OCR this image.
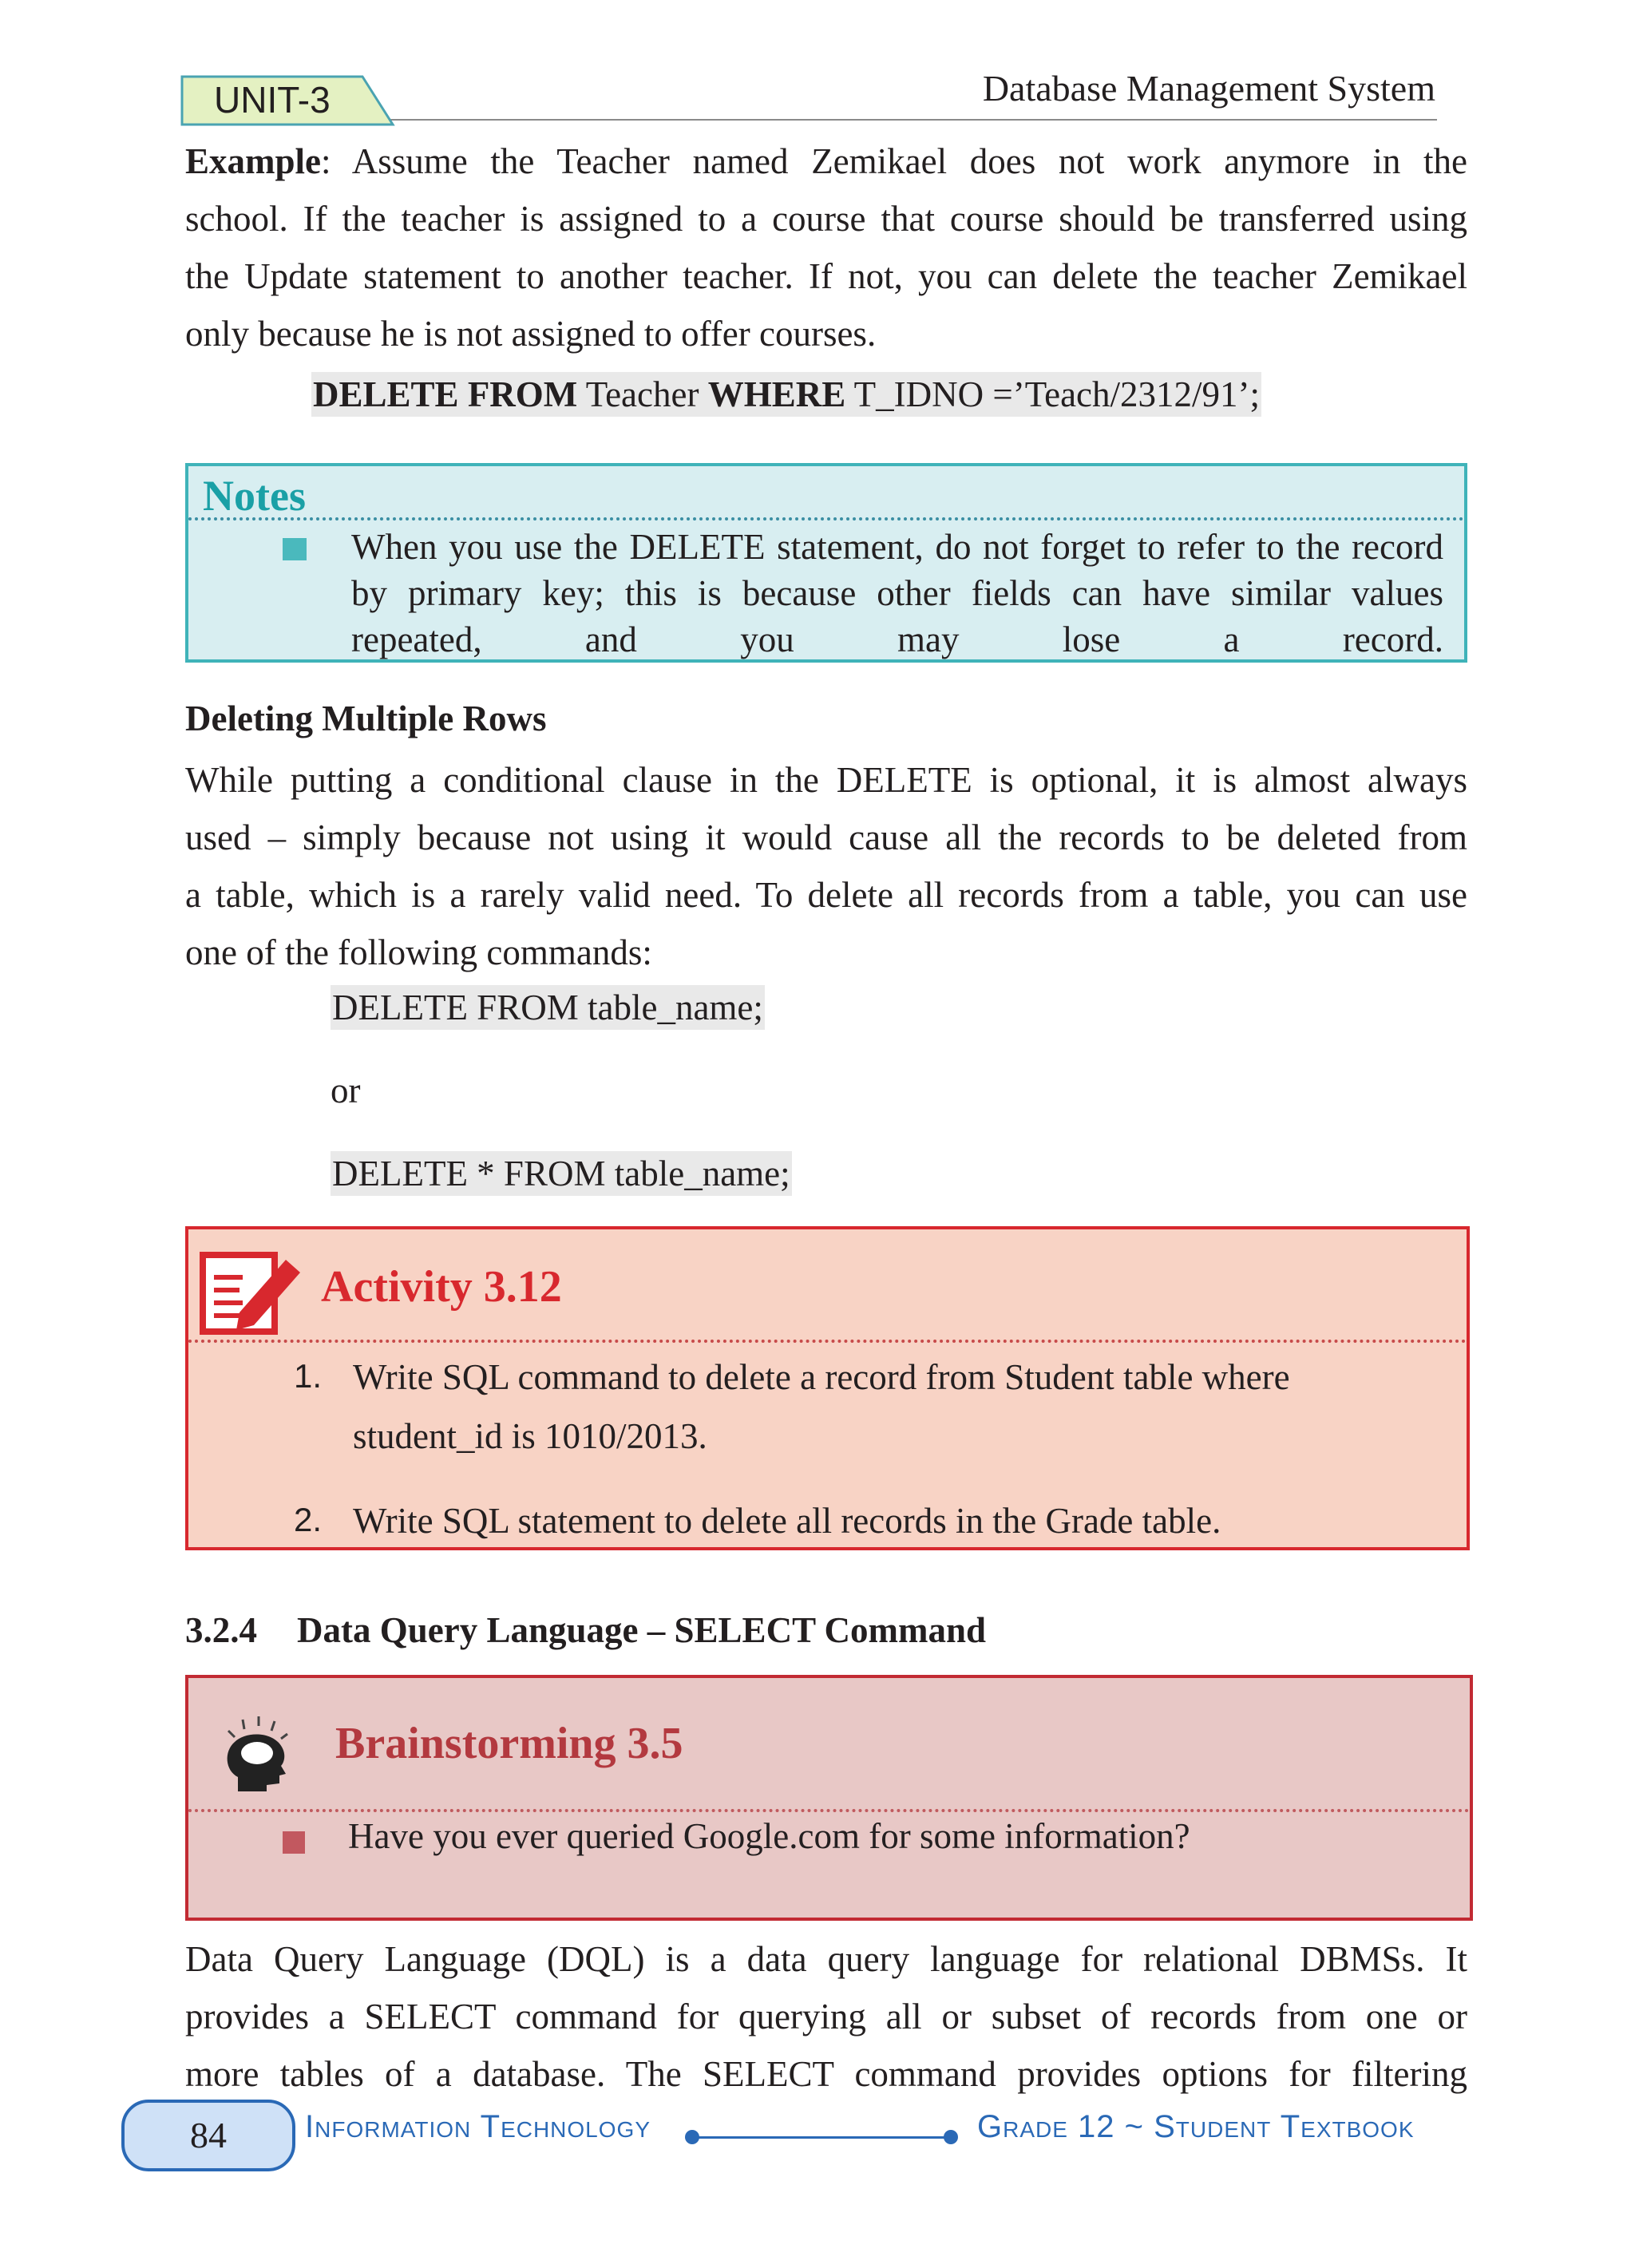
UNIT-3	Database Management System
Example: Assume the Teacher named Zemikael does not work anymore in the
school. If the teacher is assigned to a course that course should be transferred using
the Update statement to another teacher. If not, you can delete the teacher Zemikael
only because he is not assigned to offer courses.
DELETE FROM Teacher WHERE T_IDNO =’Teach/2312/91’;
Notes
When you use the DELETE statement, do not forget to refer to the record by primary key; this is because other fields can have similar values repeated, and you may lose a record.
Deleting Multiple Rows
While putting a conditional clause in the DELETE is optional, it is almost always
used – simply because not using it would cause all the records to be deleted from
a table, which is a rarely valid need. To delete all records from a table, you can use
one of the following commands:
DELETE FROM table_name;
or
DELETE * FROM table_name;
Activity 3.12
1. Write SQL command to delete a record from Student table where
student_id is 1010/2013.
2. Write SQL statement to delete all records in the Grade table.
3.2.4 Data Query Language – SELECT Command
Brainstorming 3.5
Have you ever queried Google.com for some information?
Data Query Language (DQL) is a data query language for relational DBMSs. It
provides a SELECT command for querying all or subset of records from one or
more tables of a database. The SELECT command provides options for filtering
84	Information Technology	Grade 12 ~ Student Textbook
